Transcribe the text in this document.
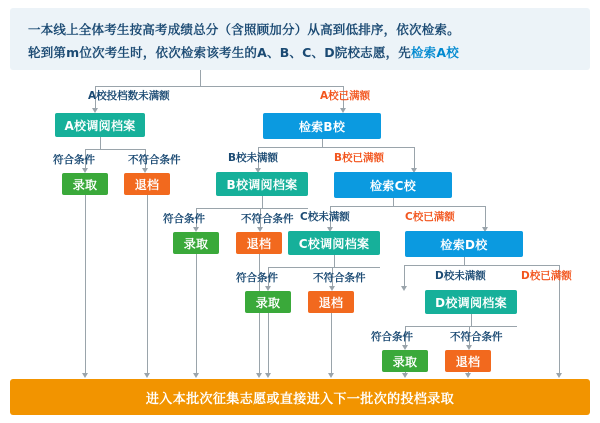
一本线上全体考生按高考成绩总分（含照顾加分）从高到低排序，依次检索。
轮到第m位次考生时，依次检索该考生的A、B、C、D院校志愿，先检索A校
A校投档数未满额	A校已满额
A校调阅档案	检索B校
符合条件	不符合条件
录取	退档
B校未满额	B校已满额
B校调阅档案	检索C校
符合条件	不符合条件
录取	退档
C校未满额	C校已满额
C校调阅档案	检索D校
符合条件	不符合条件
录取	退档
D校未满额	D校已满额
D校调阅档案
符合条件	不符合条件
录取	退档
进入本批次征集志愿或直接进入下一批次的投档录取
